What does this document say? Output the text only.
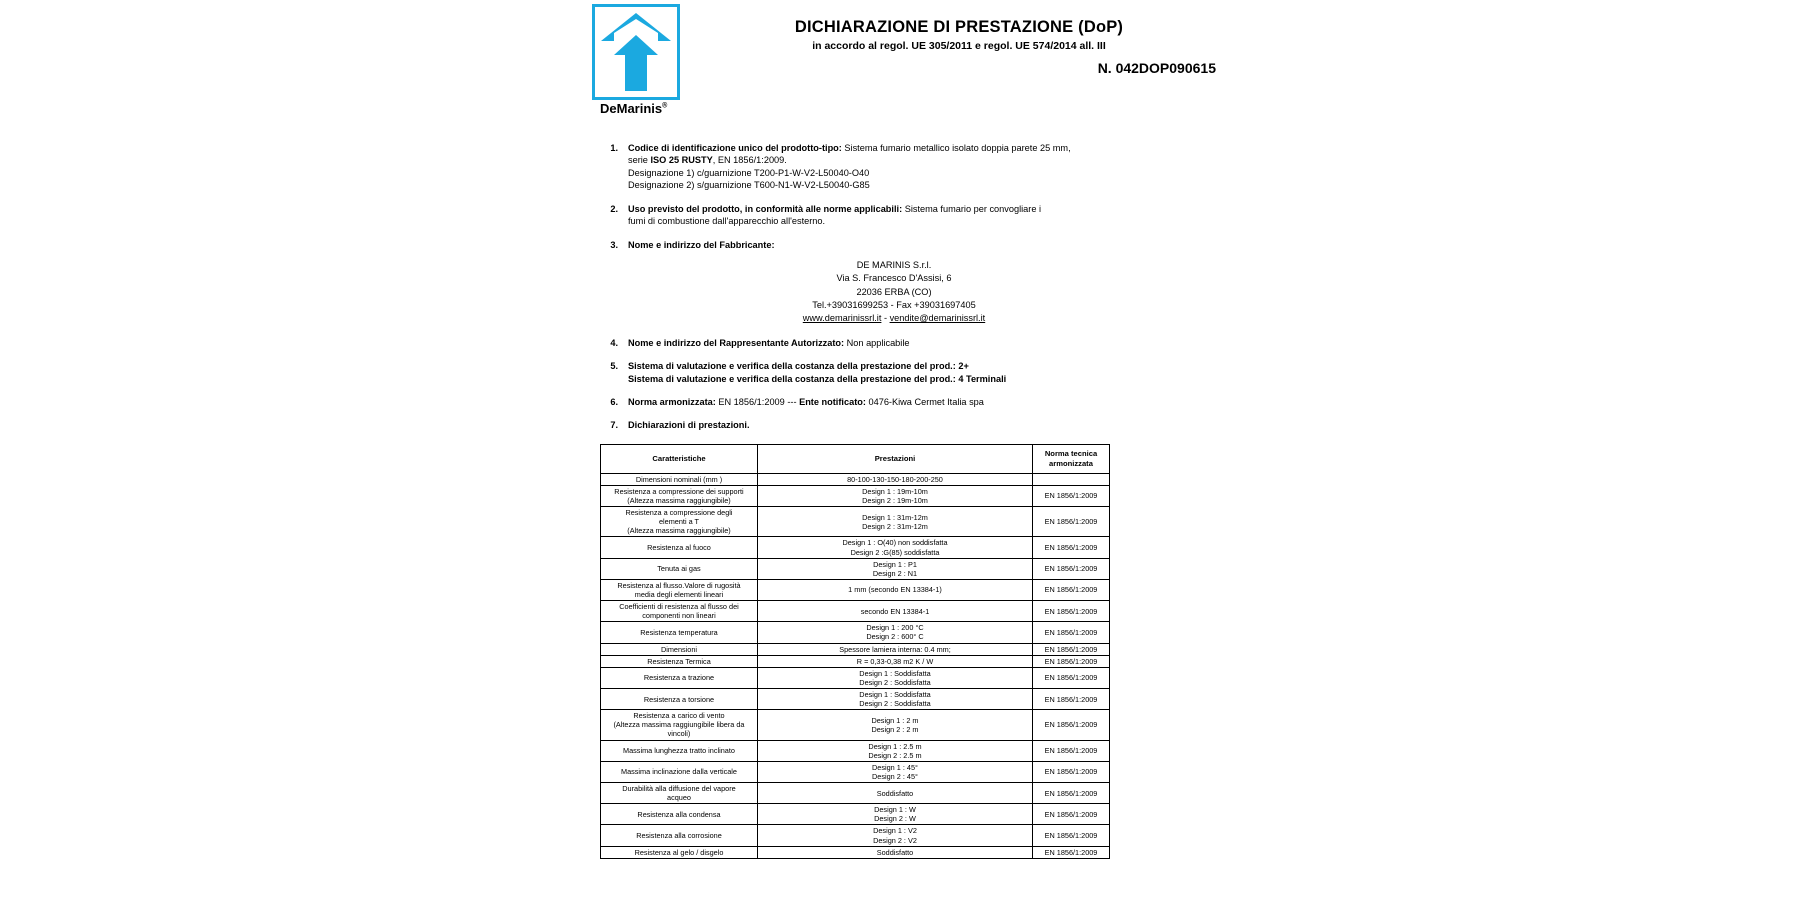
DeMarinis®
DICHIARAZIONE DI PRESTAZIONE (DoP)
in accordo al regol. UE 305/2011 e regol. UE 574/2014 all. III
N. 042DOP090615
1.	Codice di identificazione unico del prodotto-tipo: Sistema fumario metallico isolato doppia parete 25 mm,
serie ISO 25 RUSTY, EN 1856/1:2009.
Designazione 1) c/guarnizione T200-P1-W-V2-L50040-O40
Designazione 2) s/guarnizione T600-N1-W-V2-L50040-G85
2.	Uso previsto del prodotto, in conformità alle norme applicabili: Sistema fumario per convogliare i
fumi di combustione dall'apparecchio all'esterno.
3.	Nome e indirizzo del Fabbricante:
DE MARINIS S.r.l.
Via S. Francesco D'Assisi, 6
22036 ERBA (CO)
Tel.+39031699253 - Fax +39031697405
www.demarinissrl.it - vendite@demarinissrl.it
4.	Nome e indirizzo del Rappresentante Autorizzato: Non applicabile
5.	Sistema di valutazione e verifica della costanza della prestazione del prod.: 2+
Sistema di valutazione e verifica della costanza della prestazione del prod.: 4 Terminali
6.	Norma armonizzata: EN 1856/1:2009 --- Ente notificato: 0476-Kiwa Cermet Italia spa
7.	Dichiarazioni di prestazioni.
Caratteristiche	Prestazioni	Norma tecnica armonizzata

Dimensioni nominali (mm )	80-100-130-150-180-200-250	

Resistenza a compressione dei supporti
(Altezza massima raggiungibile)	Design 1 : 19m-10m
Design 2 : 19m-10m	EN 1856/1:2009

Resistenza a compressione degli
elementi a T
(Altezza massima raggiungibile)	Design 1 : 31m-12m
Design 2 : 31m-12m	EN 1856/1:2009

Resistenza al fuoco	Design 1 : O(40) non soddisfatta
Design 2 :G(85) soddisfatta	EN 1856/1:2009

Tenuta ai gas	Design 1 : P1
Design 2 : N1	EN 1856/1:2009

Resistenza al flusso.Valore di rugosità
media degli elementi lineari	1 mm (secondo EN 13384-1)	EN 1856/1:2009

Coefficienti di resistenza al flusso dei
componenti non lineari	secondo EN 13384-1	EN 1856/1:2009

Resistenza temperatura	Design 1 : 200 °C
Design 2 : 600° C	EN 1856/1:2009

Dimensioni	Spessore lamiera interna: 0.4 mm;	EN 1856/1:2009

Resistenza Termica	R = 0,33-0,38 m2 K / W	EN 1856/1:2009

Resistenza a trazione	Design 1 : Soddisfatta
Design 2 : Soddisfatta	EN 1856/1:2009

Resistenza a torsione	Design 1 : Soddisfatta
Design 2 : Soddisfatta	EN 1856/1:2009

Resistenza a carico di vento
(Altezza massima raggiungibile libera da
vincoli)	Design 1 : 2 m
Design 2 : 2 m	EN 1856/1:2009

Massima lunghezza tratto inclinato	Design 1 : 2.5 m
Design 2 : 2.5 m	EN 1856/1:2009

Massima inclinazione dalla verticale	Design 1 : 45°
Design 2 : 45°	EN 1856/1:2009

Durabilità alla diffusione del vapore
acqueo	Soddisfatto	EN 1856/1:2009

Resistenza alla condensa	Design 1 : W
Design 2 : W	EN 1856/1:2009

Resistenza alla corrosione	Design 1 : V2
Design 2 : V2	EN 1856/1:2009

Resistenza al gelo / disgelo	Soddisfatto	EN 1856/1:2009
